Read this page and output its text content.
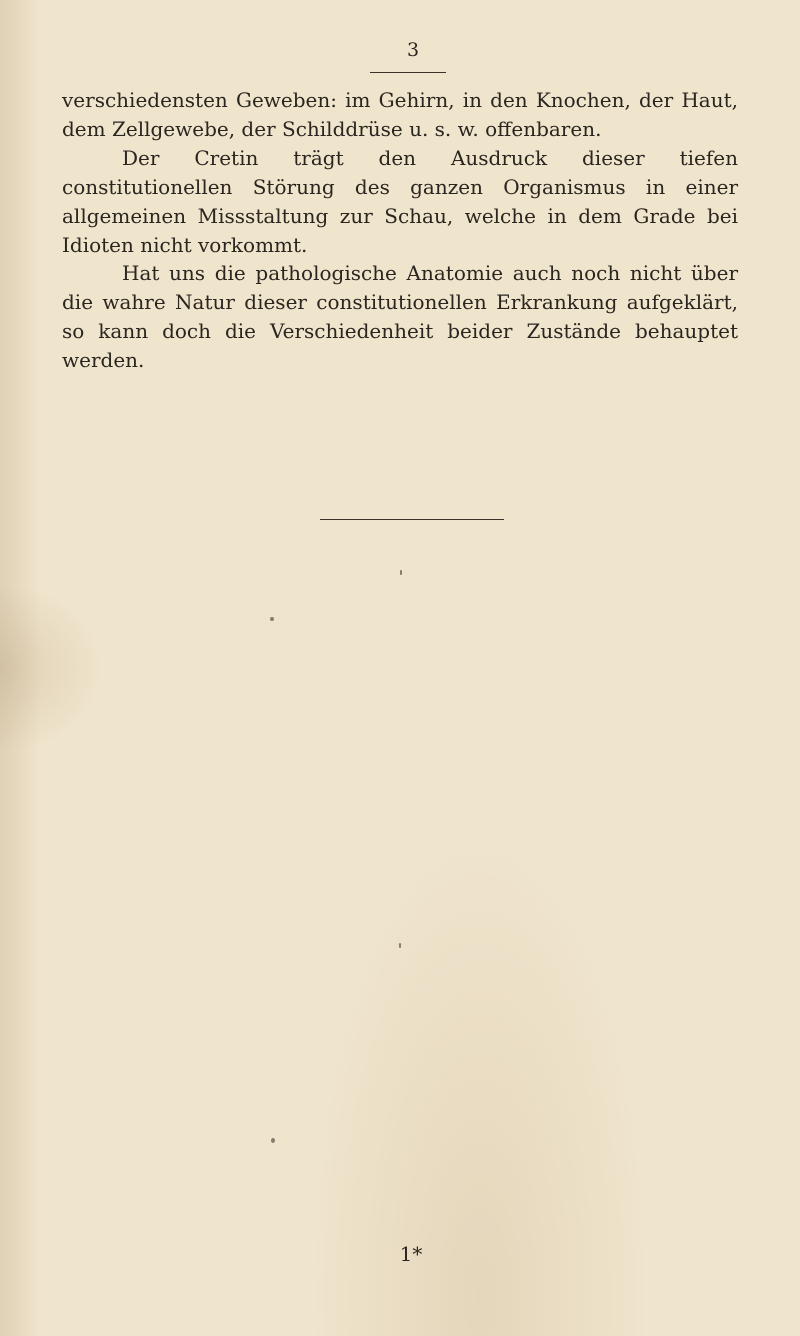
3

verschiedensten Geweben: im Gehirn, in den Knochen, der Haut, dem Zellgewebe, der Schilddrüse u. s. w. offenbaren.

Der Cretin trägt den Ausdruck dieser tiefen constitutionellen Störung des ganzen Organismus in einer allgemeinen Missstaltung zur Schau, welche in dem Grade bei Idioten nicht vorkommt.

Hat uns die pathologische Anatomie auch noch nicht über die wahre Natur dieser constitutionellen Erkrankung aufgeklärt, so kann doch die Verschiedenheit beider Zustände behauptet werden.

1*
